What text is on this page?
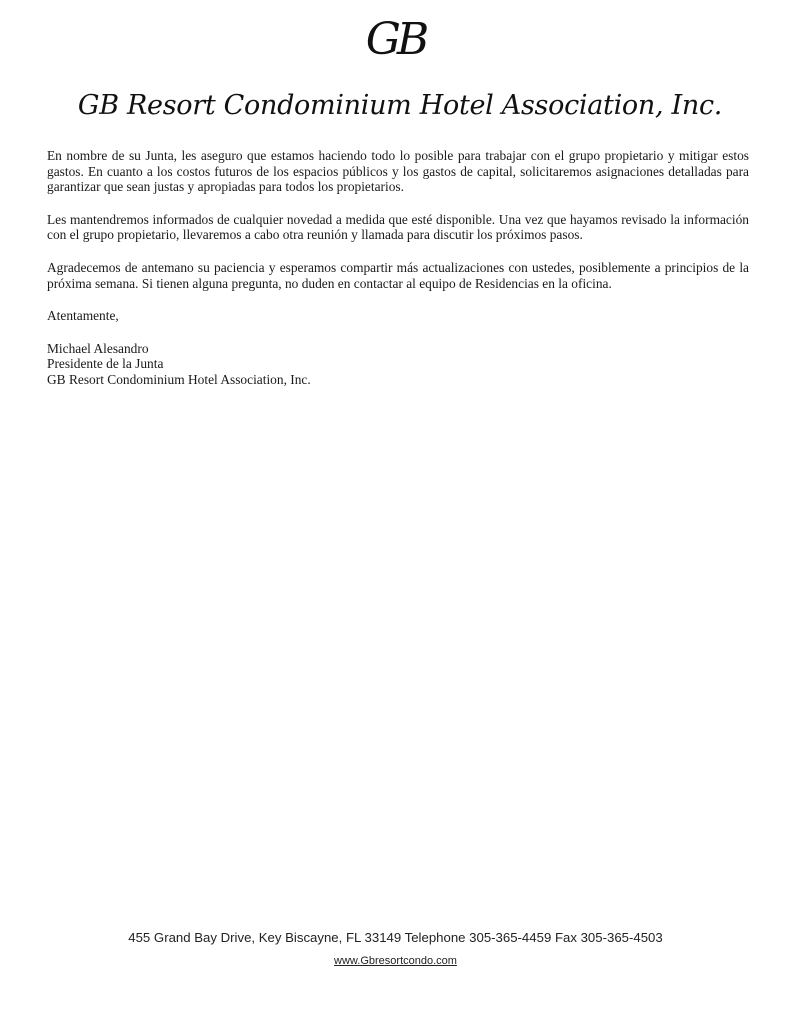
GB
GB Resort Condominium Hotel Association, Inc.

En nombre de su Junta, les aseguro que estamos haciendo todo lo posible para trabajar con el grupo propietario y mitigar estos gastos. En cuanto a los costos futuros de los espacios públicos y los gastos de capital, solicitaremos asignaciones detalladas para garantizar que sean justas y apropiadas para todos los propietarios.

Les mantendremos informados de cualquier novedad a medida que esté disponible. Una vez que hayamos revisado la información con el grupo propietario, llevaremos a cabo otra reunión y llamada para discutir los próximos pasos.

Agradecemos de antemano su paciencia y esperamos compartir más actualizaciones con ustedes, posiblemente a principios de la próxima semana. Si tienen alguna pregunta, no duden en contactar al equipo de Residencias en la oficina.

Atentamente,

Michael Alesandro
Presidente de la Junta
GB Resort Condominium Hotel Association, Inc.
455 Grand Bay Drive, Key Biscayne, FL 33149 Telephone 305-365-4459 Fax 305-365-4503
www.Gbresortcondo.com
